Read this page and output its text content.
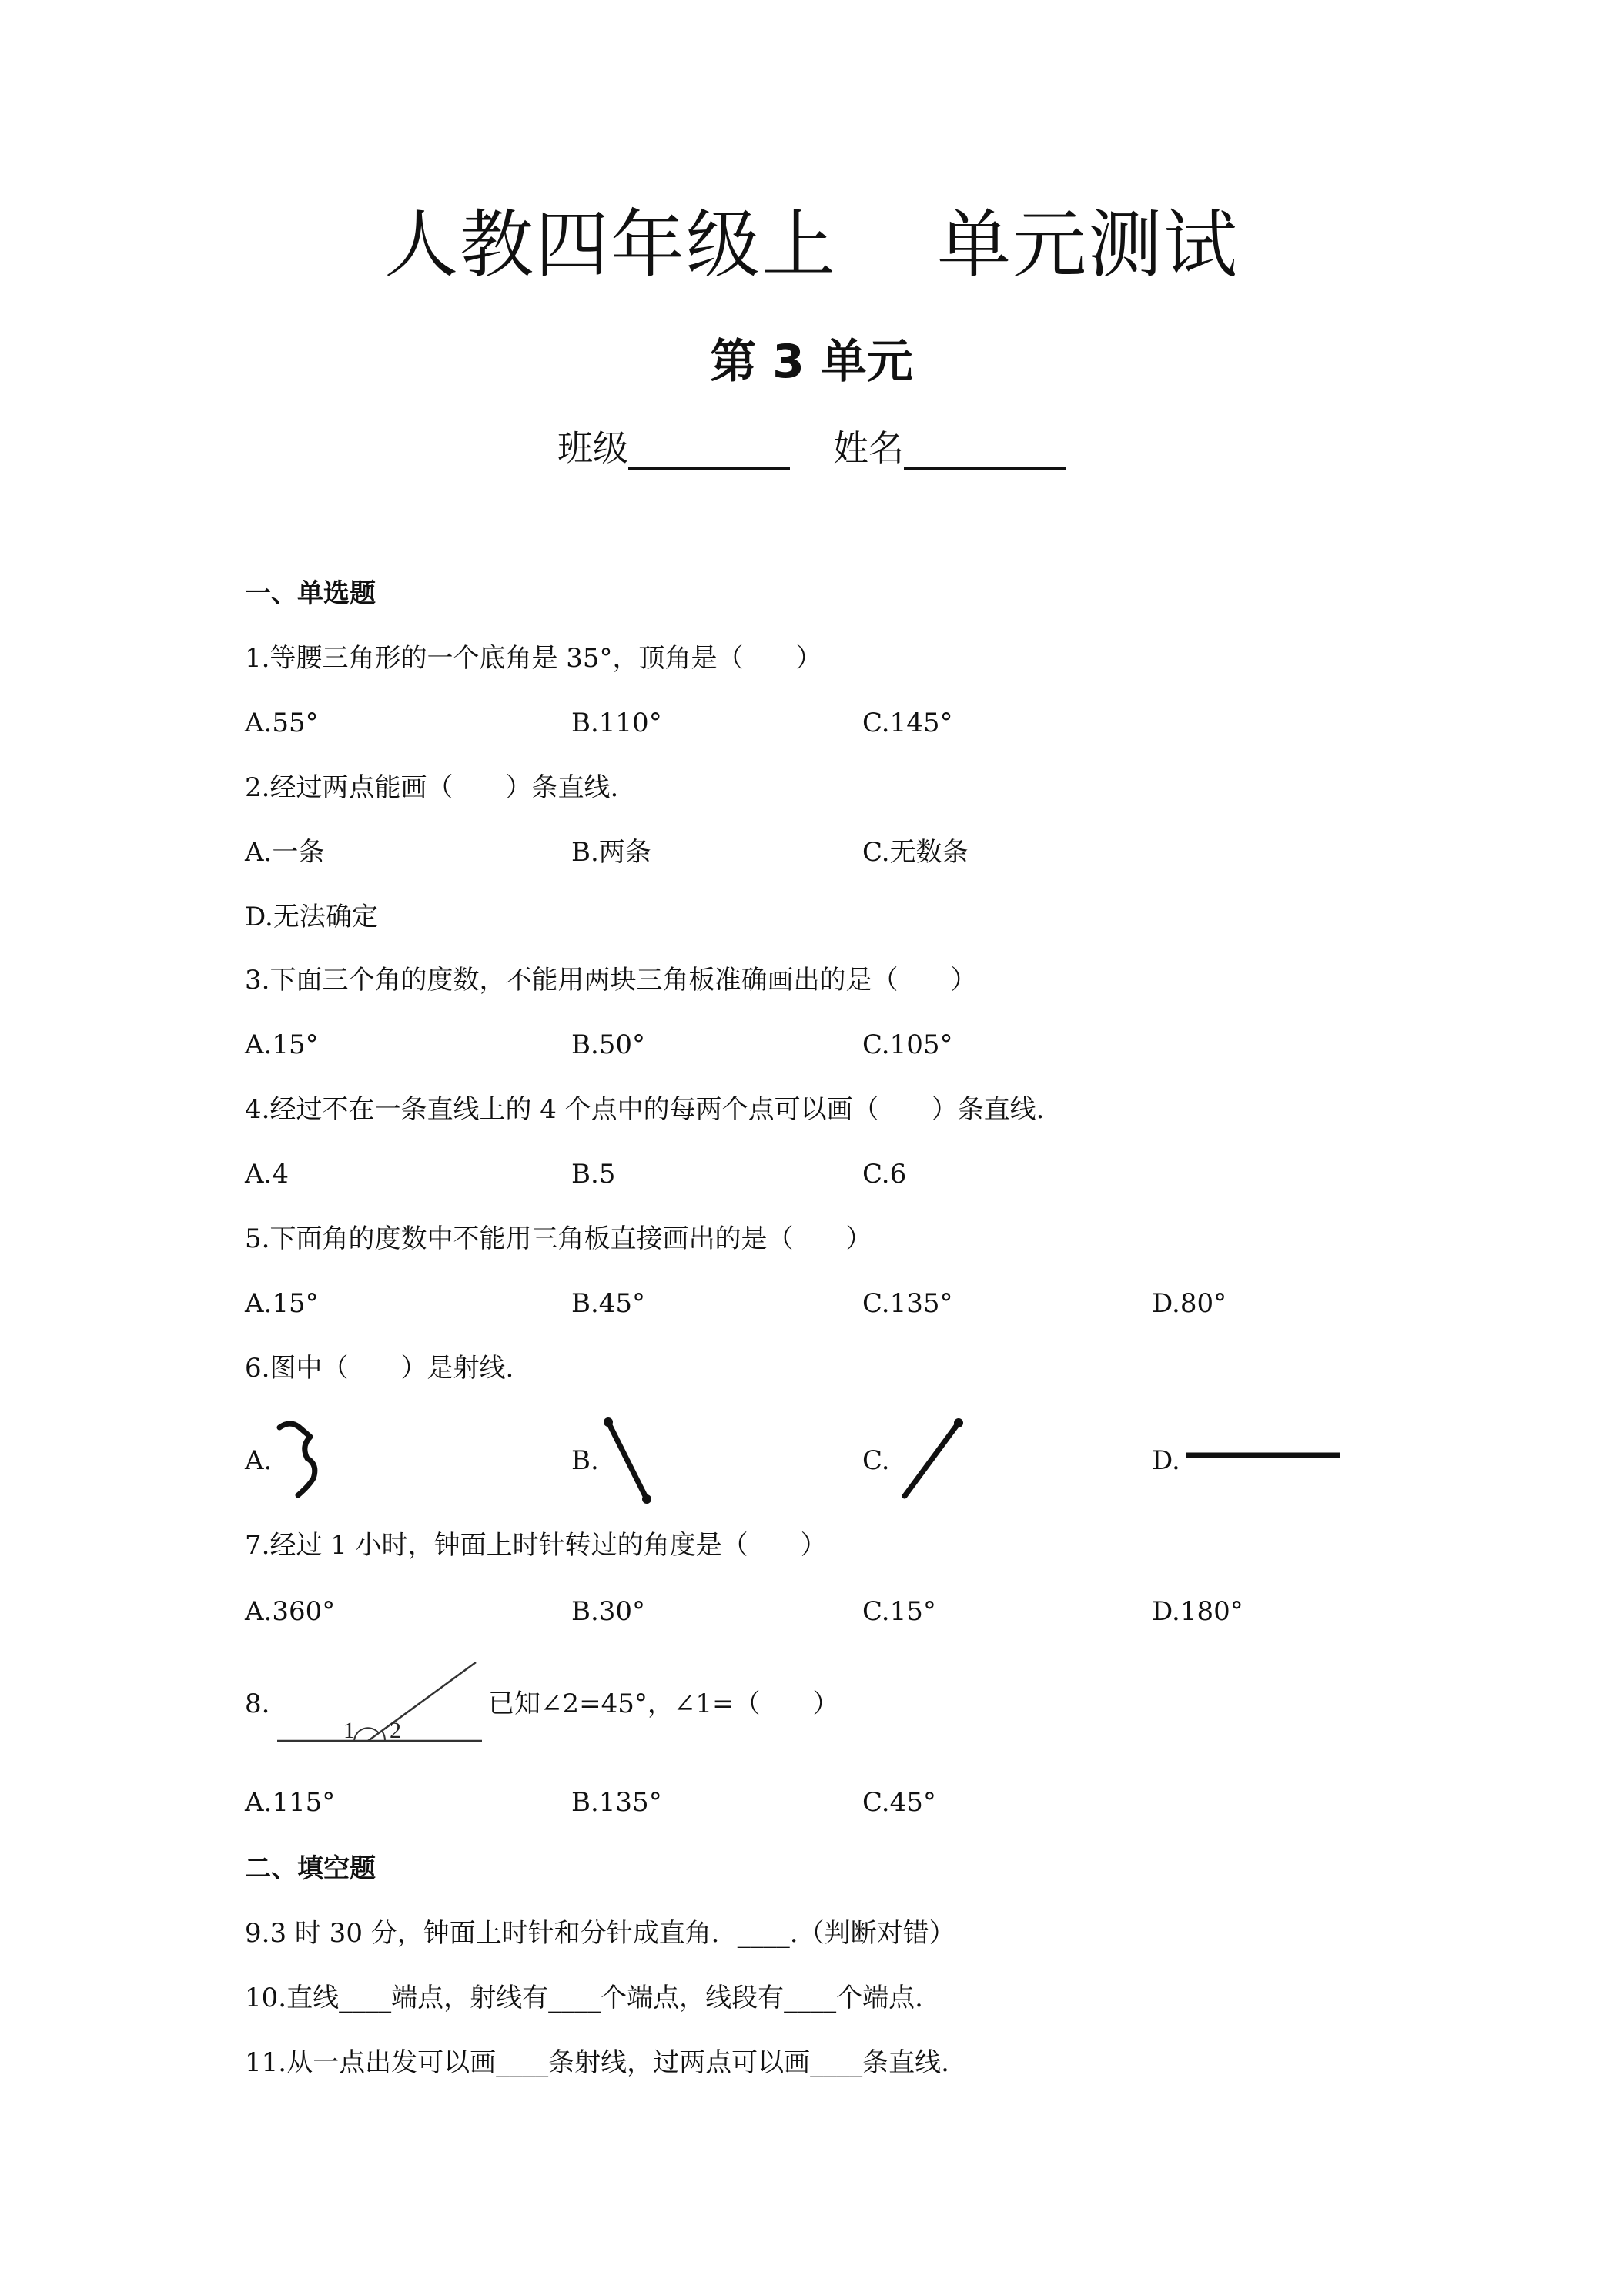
人教四年级上 单元测试
第 3 单元
班级	姓名
一、单选题
1.等腰三角形的一个底角是 35°，顶角是（　　）
A.55°	B.110°	C.145°
2.经过两点能画（　　）条直线.
A.一条	B.两条	C.无数条
D.无法确定
3.下面三个角的度数，不能用两块三角板准确画出的是（　　）
A.15°	B.50°	C.105°
4.经过不在一条直线上的 4 个点中的每两个点可以画（　　）条直线.
A.4	B.5	C.6
5.下面角的度数中不能用三角板直接画出的是（　　）
A.15°	B.45°	C.135°	D.80°
6.图中（　　）是射线.
A.	B.	C.	D.
7.经过 1 小时，钟面上时针转过的角度是（　　）
A.360°	B.30°	C.15°	D.180°
8.
1 2
已知∠2=45°，∠1=（　　）
A.115°	B.135°	C.45°
二、填空题
9.3 时 30 分，钟面上时针和分针成直角．____.（判断对错）
10.直线____端点，射线有____个端点，线段有____个端点.
11.从一点出发可以画____条射线，过两点可以画____条直线.
